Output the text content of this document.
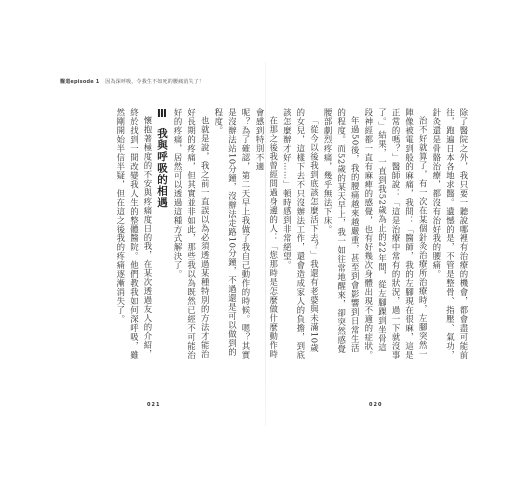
醫道episode 1 因為深呼吸，令我生不如死的腰痛消失了！

呢？為了確認，第二天早上我做了我自己動作的時候。嗯？其實是沒辦法站10分鐘，沒辦法走路10分鐘，不過還是可以做到的程度。

也就是說，我之前一直誤以為必須透過某種特別的方法才能治好長期的疼痛，但其實並非如此，那些我以為既然已經不可能治好的疼痛，居然可以透過這種方式解決了。

Ⅲ 我與呼吸的相遇

懷抱著極度的不安與疼痛度日的我，在某次透過友人的介紹，終於找到一間改變我人生的整體醫院。他們教我如何深呼吸，雖然剛開始半信半疑，但在這之後我的疼痛逐漸消失了。

021

除了醫院之外，我只要一聽說哪裡有治療的機會，都會盡可能前往，跑遍日本各地求醫。遺憾的是，不管是整骨、指壓、氣功，針灸還是骨骼治療，都沒有治好我的腰痛。

治不好就算了，有一次在某個針灸治療所治療時，左腳突然一陣像被電到般的麻痛，我問：「醫師，我的左腳現在很麻，這是正常的嗎？」醫師說：「這是治療中常有的狀況，過一下就沒事了。」結果，一直到我52歲為止的22年間，從左腳踝到坐骨這段神經都一直有麻痺的感覺，也有好幾次身體出現不適的症狀。

年過50後，我的腰痛越來越嚴重，甚至到會影響到日常生活的程度。而52歲的某天早上，我一如往常地醒來，卻突然感覺腰部劇烈疼痛，幾乎無法下床。

「從今以後我到底該怎麼活下去？」我還有老婆與未滿10歲的女兒，這樣下去不只沒辦法工作，還會造成家人的負擔，到底該怎麼辦才好……」頓時感到非常絕望。

在那之後我曾經問過身邊的人：「您那時是怎麼做什麼動作時會感到特別不適

020
